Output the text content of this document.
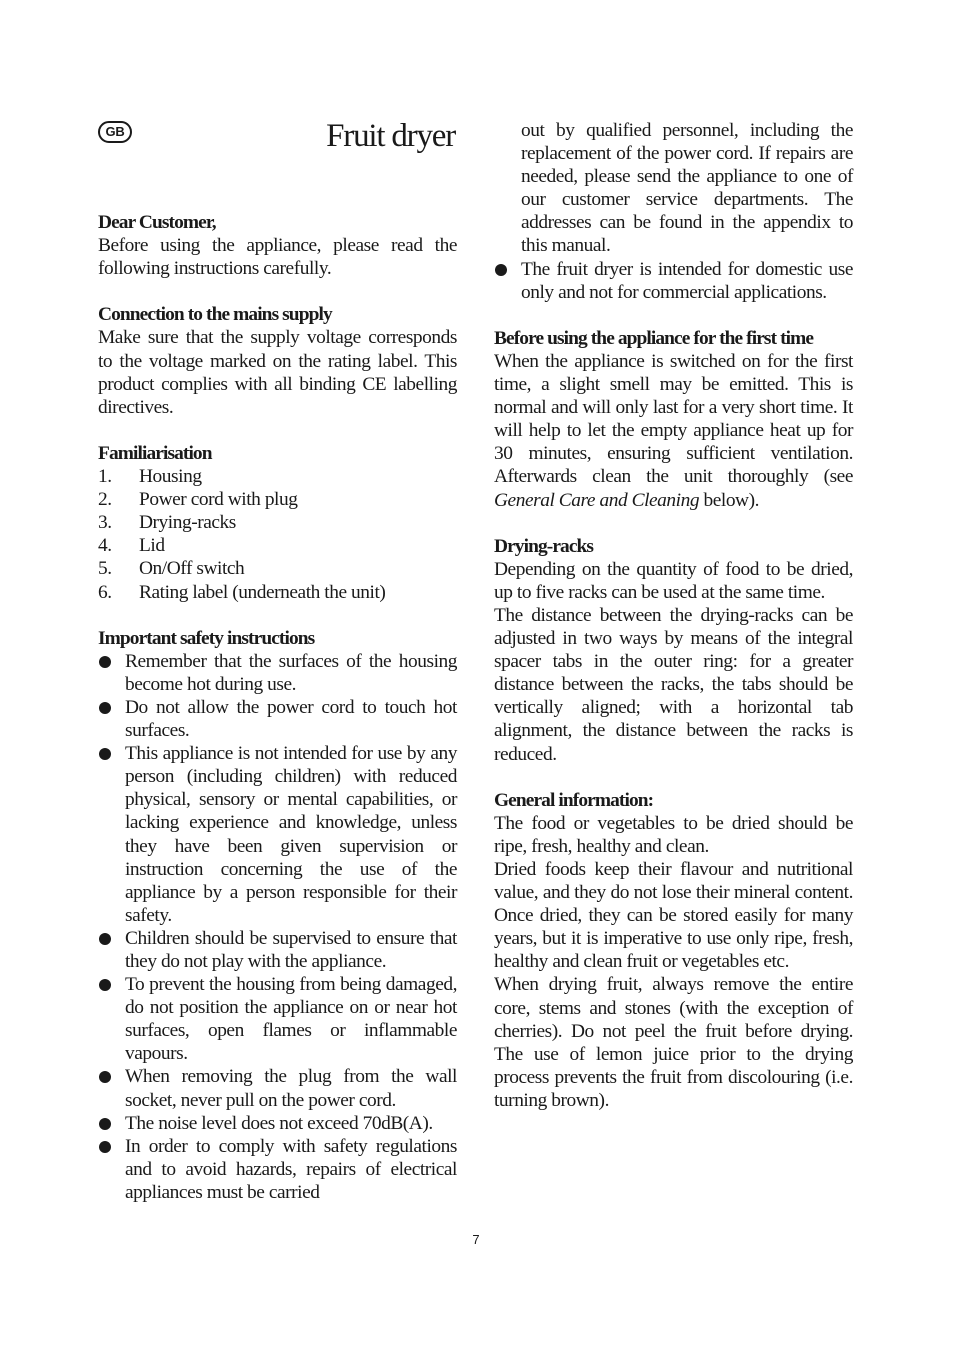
GB	Fruit dryer

Dear Customer,

Before using the appliance, please read the following instructions carefully.

Connection to the mains supply

Make sure that the supply voltage corresponds to the voltage marked on the rating label. This product complies with all binding CE labelling directives.

Familiarisation

1.	Housing
2.	Power cord with plug
3.	Drying-racks
4.	Lid
5.	On/Off switch
6.	Rating label (underneath the unit)

Important safety instructions

Remember that the surfaces of the housing become hot during use.
Do not allow the power cord to touch hot surfaces.
This appliance is not intended for use by any person (including children) with reduced physical, sensory or mental capabilities, or lacking experience and knowledge, unless they have been given supervision or instruction concerning the use of the appliance by a person responsible for their safety.
Children should be supervised to ensure that they do not play with the appliance.
To prevent the housing from being damaged, do not position the appliance on or near hot surfaces, open flames or inflammable vapours.
When removing the plug from the wall socket, never pull on the power cord.
The noise level does not exceed 70dB(A).
In order to comply with safety regulations and to avoid hazards, repairs of electrical appliances must be carried

out by qualified personnel, including the replacement of the power cord. If repairs are needed, please send the appliance to one of our customer service departments. The addresses can be found in the appendix to this manual.

The fruit dryer is intended for domestic use only and not for commercial applications.

Before using the appliance for the first time

When the appliance is switched on for the first time, a slight smell may be emitted. This is normal and will only last for a very short time. It will help to let the empty appliance heat up for 30 minutes, ensuring sufficient ventilation. Afterwards clean the unit thoroughly (see General Care and Cleaning below).

Drying-racks

Depending on the quantity of food to be dried, up to five racks can be used at the same time.

The distance between the drying-racks can be adjusted in two ways by means of the integral spacer tabs in the outer ring: for a greater distance between the racks, the tabs should be vertically aligned; with a horizontal tab alignment, the distance between the racks is reduced.

General information:

The food or vegetables to be dried should be ripe, fresh, healthy and clean.

Dried foods keep their flavour and nutritional value, and they do not lose their mineral content. Once dried, they can be stored easily for many years, but it is imperative to use only ripe, fresh, healthy and clean fruit or vegetables etc.

When drying fruit, always remove the entire core, stems and stones (with the exception of cherries). Do not peel the fruit before drying. The use of lemon juice prior to the drying process prevents the fruit from discolouring (i.e. turning brown).

7
